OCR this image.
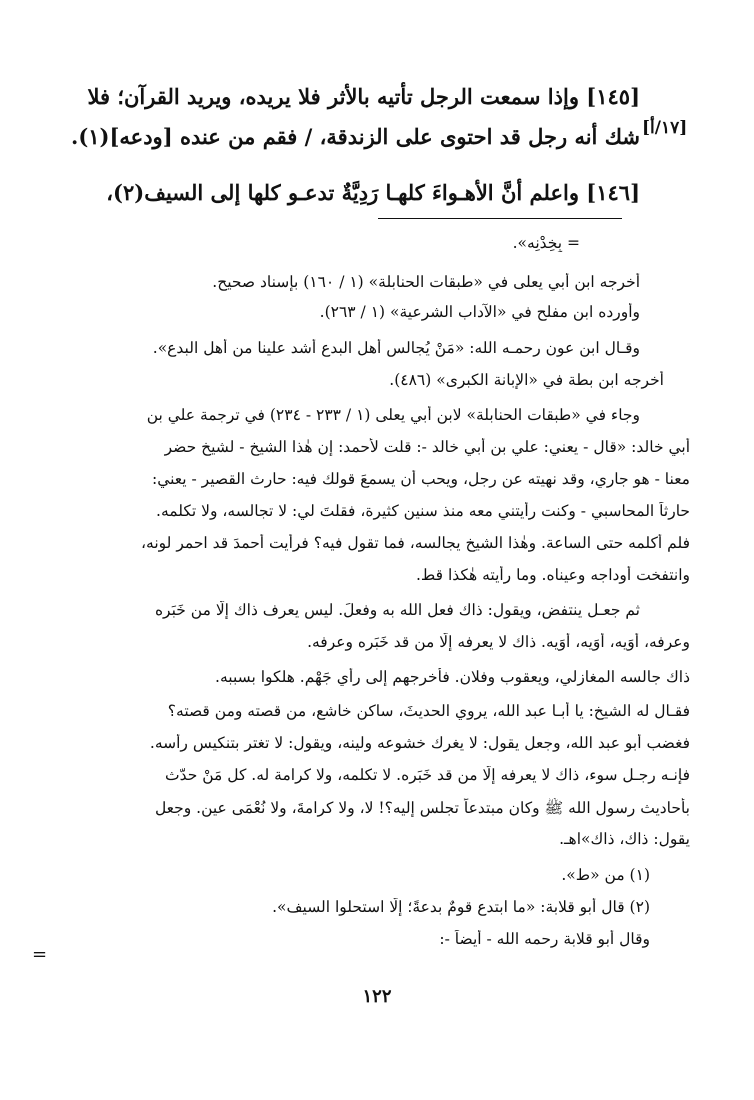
[١٧/أ]
[١٤٥] وإذا سمعت الرجل تأتيه بالأثر فلا يريده، ويريد القرآن؛ فلا
شك أنه رجل قد احتوى على الزندقة، / فقم من عنده [ودعه](١).
[١٤٦] واعلم أنَّ الأهـواءَ كلهـا رَدِيَّةٌ تدعـو كلها إلى السيف(٢)،
= بِخِدْنِه».
أخرجه ابن أبي يعلى في «طبقات الحنابلة» (١ / ١٦٠) بإسناد صحيح.
وأورده ابن مفلح في «الآداب الشرعية» (١ / ٢٦٣).
وقـال ابن عون رحمـه الله: «مَنْ يُجالس أهل البدع أشد علينا من أهل البدع».
أخرجه ابن بطة في «الإبانة الكبرى» (٤٨٦).
وجاء في «طبقات الحنابلة» لابن أبي يعلى (١ / ٢٣٣ - ٢٣٤) في ترجمة علي بن
أبي خالد: «قال - يعني: علي بن أبي خالد -: قلت لأحمد: إن هٰذا الشيخ - لشيخ حضر
معنا - هو جاري، وقد نهيته عن رجل، ويحب أن يسمعَ قولك فيه: حارث القصير - يعني:
حارثاً المحاسبي - وكنت رأيتني معه منذ سنين كثيرة، فقلتَ لي: لا تجالسه، ولا تكلمه.
فلم أكلمه حتى الساعة. وهٰذا الشيخ يجالسه، فما تقول فيه؟ فرأيت أحمدَ قد احمر لونه،
وانتفخت أوداجه وعيناه. وما رأيته هٰكذا قط.
ثم جعـل ينتفض، ويقول: ذاك فعل الله به وفعلَ. ليس يعرف ذاك إلّا من خَبَره
وعرفه، أُوَيه، أُوَيه، أُوَيه. ذاك لا يعرفه إلّا من قد خَبَره وعرفه.
ذاك جالسه المغازلي، ويعقوب وفلان. فأخرجهم إلى رأي جَهْم. هلكوا بسببه.
فقـال له الشيخ: يا أبـا عبد الله، يروي الحديثَ، ساكن خاشع، من قصته ومن قصته؟
فغضب أبو عبد الله، وجعل يقول: لا يغرك خشوعه ولينه، ويقول: لا تغتر بتنكيس رأسه.
فإنـه رجـل سوء، ذاك لا يعرفه إلّا من قد خَبَره. لا تكلمه، ولا كرامة له. كل مَنْ حدّث
بأحاديث رسول الله ﷺ وكان مبتدعاً تجلس إليه؟! لا، ولا كرامةَ، ولا نُعْمَى عين. وجعل
يقول: ذاك، ذاك»اهـ.
(١) من «ط».
(٢) قال أبو قلابة: «ما ابتدع قومٌ بدعةً؛ إلّا استحلوا السيف».
وقال أبو قلابة رحمه الله - أيضاً -:
=
١٢٢
